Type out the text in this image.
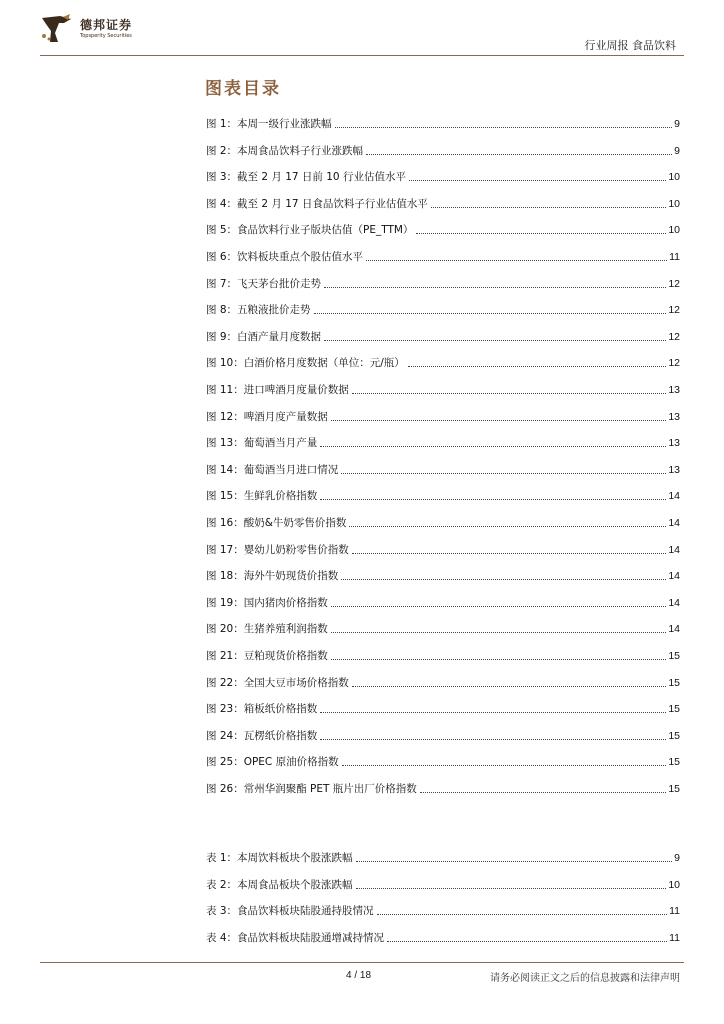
德邦证券
Topsperity Securities
行业周报 食品饮料
图表目录
图 1：本周一级行业涨跌幅	9
图 2：本周食品饮料子行业涨跌幅	9
图 3：截至 2 月 17 日前 10 行业估值水平	10
图 4：截至 2 月 17 日食品饮料子行业估值水平	10
图 5：食品饮料行业子版块估值（PE_TTM）	10
图 6：饮料板块重点个股估值水平	11
图 7：飞天茅台批价走势	12
图 8：五粮液批价走势	12
图 9：白酒产量月度数据	12
图 10：白酒价格月度数据（单位：元/瓶）	12
图 11：进口啤酒月度量价数据	13
图 12：啤酒月度产量数据	13
图 13：葡萄酒当月产量	13
图 14：葡萄酒当月进口情况	13
图 15：生鲜乳价格指数	14
图 16：酸奶&牛奶零售价指数	14
图 17：婴幼儿奶粉零售价指数	14
图 18：海外牛奶现货价指数	14
图 19：国内猪肉价格指数	14
图 20：生猪养殖利润指数	14
图 21：豆粕现货价格指数	15
图 22：全国大豆市场价格指数	15
图 23：箱板纸价格指数	15
图 24：瓦楞纸价格指数	15
图 25：OPEC 原油价格指数	15
图 26：常州华润聚酯 PET 瓶片出厂价格指数	15
表 1：本周饮料板块个股涨跌幅	9
表 2：本周食品板块个股涨跌幅	10
表 3：食品饮料板块陆股通持股情况	11
表 4：食品饮料板块陆股通增减持情况	11
4 / 18	请务必阅读正文之后的信息披露和法律声明
